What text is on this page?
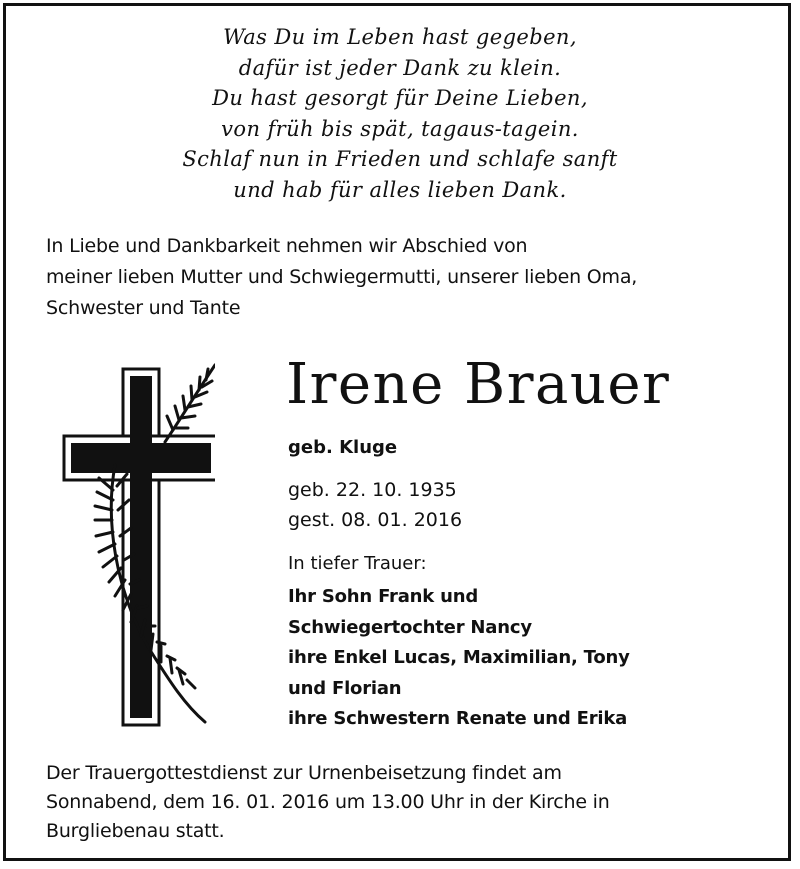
Was Du im Leben hast gegeben,
dafür ist jeder Dank zu klein.
Du hast gesorgt für Deine Lieben,
von früh bis spät, tagaus-tagein.
Schlaf nun in Frieden und schlafe sanft
und hab für alles lieben Dank.
In Liebe und Dankbarkeit nehmen wir Abschied von
meiner lieben Mutter und Schwiegermutti, unserer lieben Oma,
Schwester und Tante
Irene Brauer
geb. Kluge
geb. 22. 10. 1935
gest. 08. 01. 2016
In tiefer Trauer:
Ihr Sohn Frank und
Schwiegertochter Nancy
ihre Enkel Lucas, Maximilian, Tony
und Florian
ihre Schwestern Renate und Erika
Der Trauergottestdienst zur Urnenbeisetzung findet am
Sonnabend, dem 16. 01. 2016 um 13.00 Uhr in der Kirche in
Burgliebenau statt.
